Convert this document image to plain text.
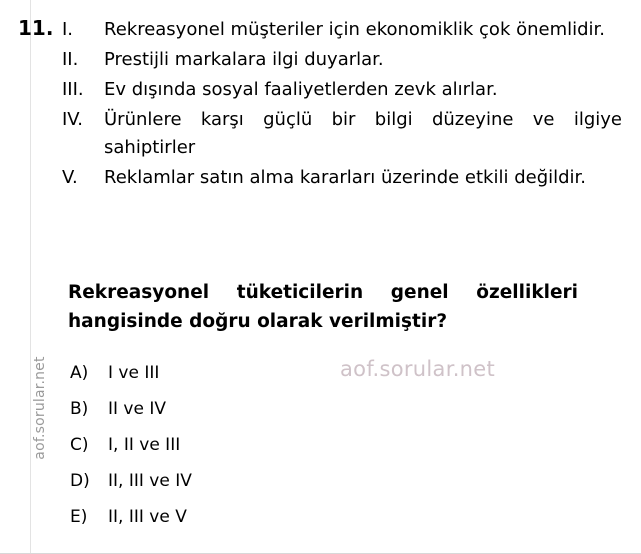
aof.sorular.net
11. I.	Rekreasyonel müşteriler için ekonomiklik çok önemlidir.
II.	Prestijli markalara ilgi duyarlar.
III.	Ev dışında sosyal faaliyetlerden zevk alırlar.
IV.	Ürünlere karşı güçlü bir bilgi düzeyine ve ilgiye sahiptirler
V.	Reklamlar satın alma kararları üzerinde etkili değildir.
Rekreasyonel tüketicilerin genel özellikleri hangisinde doğru olarak verilmiştir?
A)	I ve III
B)	II ve IV
C)	I, II ve III
D)	II, III ve IV
E)	II, III ve V
aof.sorular.net
